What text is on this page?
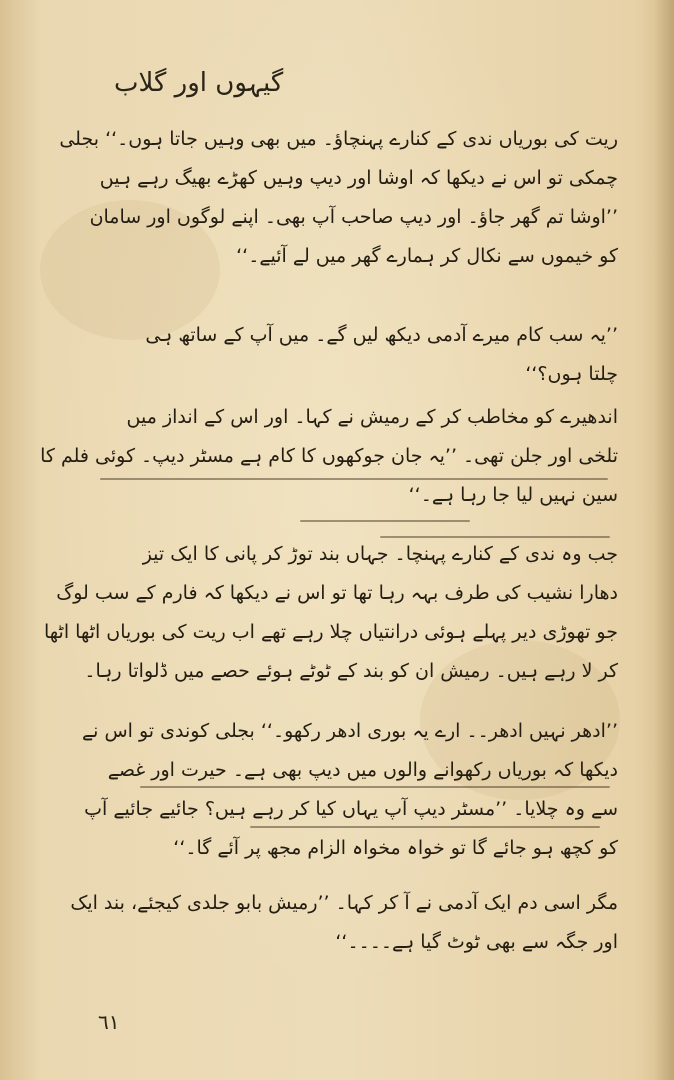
گیہوں اور گلاب
ریت کی بوریاں ندی کے کنارے پہنچاؤ۔ میں بھی وہیں جاتا ہوں۔‘‘ بجلی
چمکی تو اس نے دیکھا کہ اوشا اور دیپ وہیں کھڑے بھیگ رہے ہیں
’’اوشا تم گھر جاؤ۔ اور دیپ صاحب آپ بھی۔ اپنے لوگوں اور سامان
کو خیموں سے نکال کر ہمارے گھر میں لے آئیے۔‘‘
’’یہ سب کام میرے آدمی دیکھ لیں گے۔ میں آپ کے ساتھ ہی
چلتا ہوں؟‘‘
اندھیرے کو مخاطب کر کے رمیش نے کہا۔ اور اس کے انداز میں
تلخی اور جلن تھی۔ ’’یہ جان جوکھوں کا کام ہے مسٹر دیپ۔ کوئی فلم کا
سین نہیں لیا جا رہا ہے۔‘‘
جب وہ ندی کے کنارے پہنچا۔ جہاں بند توڑ کر پانی کا ایک تیز
دھارا نشیب کی طرف بہہ رہا تھا تو اس نے دیکھا کہ فارم کے سب لوگ
جو تھوڑی دیر پہلے ہوئی درانتیاں چلا رہے تھے اب ریت کی بوریاں اٹھا اٹھا
کر لا رہے ہیں۔ رمیش ان کو بند کے ٹوٹے ہوئے حصے میں ڈلواتا رہا۔
’’ادھر نہیں ادھر۔۔ ارے یہ بوری ادھر رکھو۔‘‘ بجلی کوندی تو اس نے
دیکھا کہ بوریاں رکھوانے والوں میں دیپ بھی ہے۔ حیرت اور غصے
سے وہ چلایا۔ ’’مسٹر دیپ آپ یہاں کیا کر رہے ہیں؟ جائیے جائیے آپ
کو کچھ ہو جائے گا تو خواہ مخواہ الزام مجھ پر آئے گا۔‘‘
مگر اسی دم ایک آدمی نے آ کر کہا۔ ’’رمیش بابو جلدی کیجئے، بند ایک
اور جگہ سے بھی ٹوٹ گیا ہے۔۔۔۔‘‘
٦١
